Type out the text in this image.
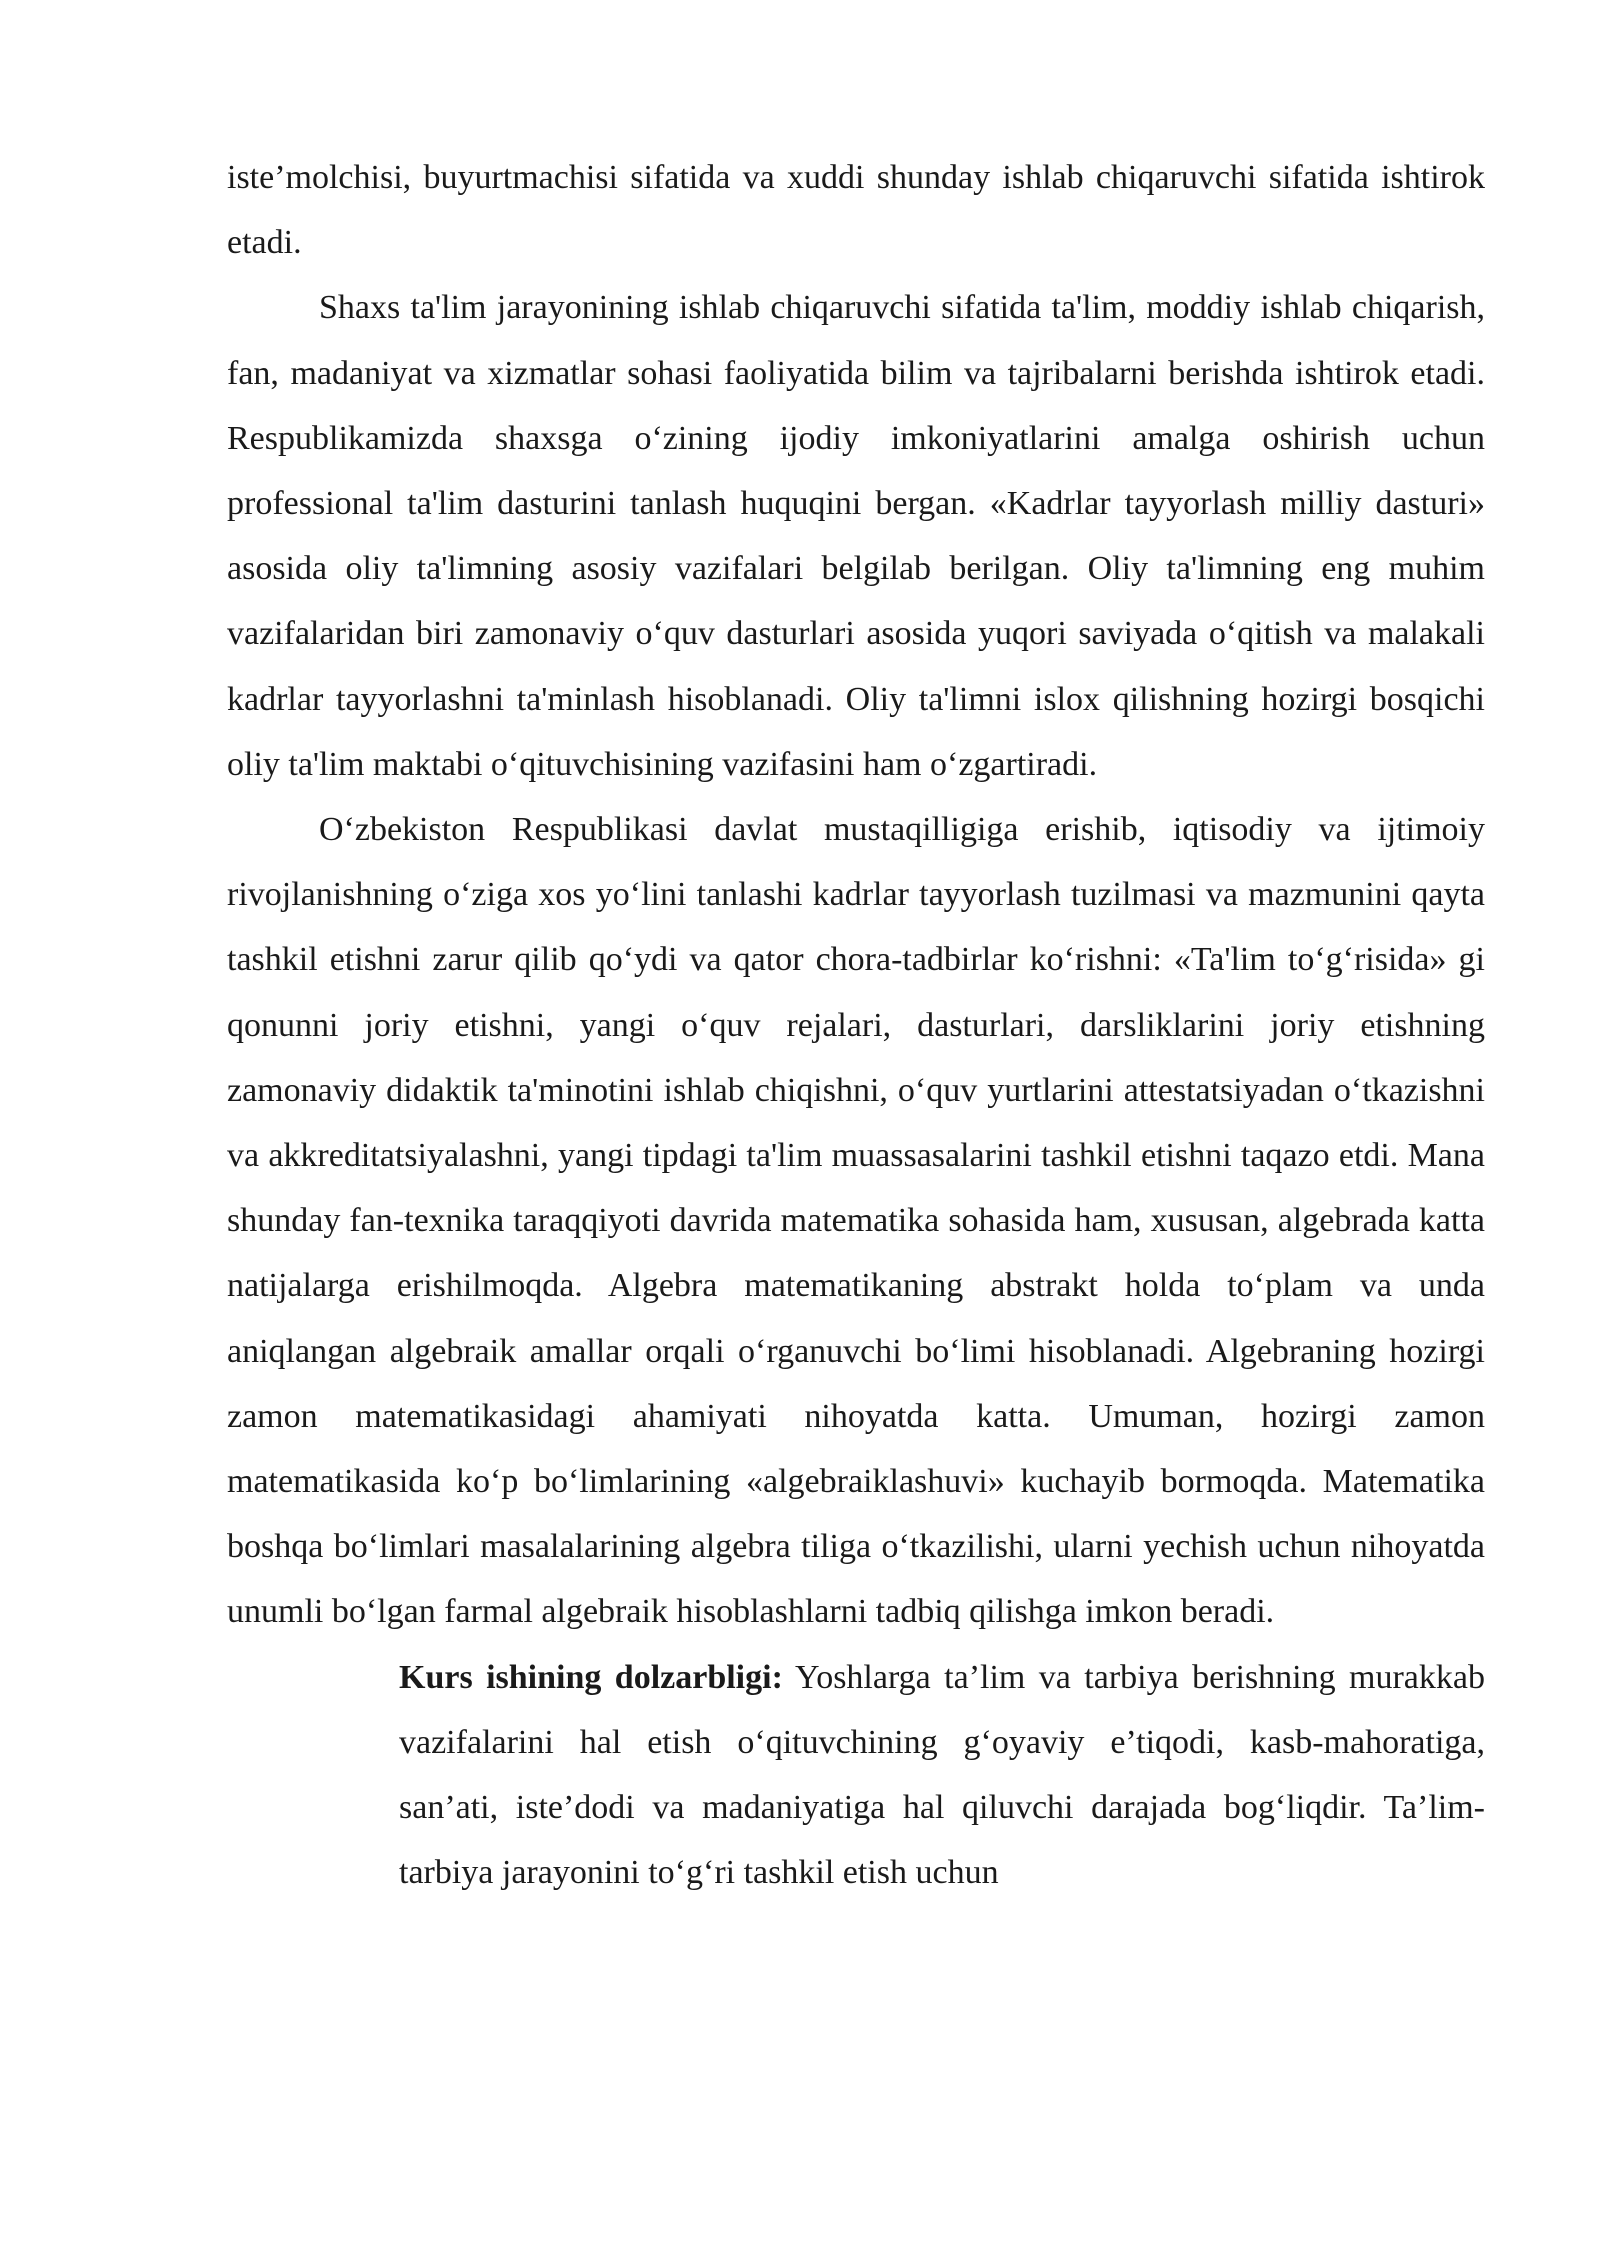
iste’molchisi, buyurtmachisi sifatida va xuddi shunday ishlab chiqaruvchi sifatida ishtirok etadi.

Shaxs ta'lim jarayonining ishlab chiqaruvchi sifatida ta'lim, moddiy ishlab chiqarish, fan, madaniyat va xizmatlar sohasi faoliyatida bilim va tajribalarni berishda ishtirok etadi. Respublikamizda shaxsga o‘zining ijodiy imkoniyatlarini amalga oshirish uchun professional ta'lim dasturini tanlash huquqini bergan. «Kadrlar tayyorlash milliy dasturi» asosida oliy ta'limning asosiy vazifalari belgilab berilgan. Oliy ta'limning eng muhim vazifalaridan biri zamonaviy o‘quv dasturlari asosida yuqori saviyada o‘qitish va malakali kadrlar tayyorlashni ta'minlash hisoblanadi. Oliy ta'limni islox qilishning hozirgi bosqichi oliy ta'lim maktabi o‘qituvchisining vazifasini ham o‘zgartiradi.

O‘zbekiston Respublikasi davlat mustaqilligiga erishib, iqtisodiy va ijtimoiy rivojlanishning o‘ziga xos yo‘lini tanlashi kadrlar tayyorlash tuzilmasi va mazmunini qayta tashkil etishni zarur qilib qo‘ydi va qator chora-tadbirlar ko‘rishni: «Ta'lim to‘g‘risida» gi qonunni joriy etishni, yangi o‘quv rejalari, dasturlari, darsliklarini joriy etishning zamonaviy didaktik ta'minotini ishlab chiqishni, o‘quv yurtlarini attestatsiyadan o‘tkazishni va akkreditatsiyalashni, yangi tipdagi ta'lim muassasalarini tashkil etishni taqazo etdi. Mana shunday fan-texnika taraqqiyoti davrida matematika sohasida ham, xususan, algebrada katta natijalarga erishilmoqda. Algebra matematikaning abstrakt holda to‘plam va unda aniqlangan algebraik amallar orqali o‘rganuvchi bo‘limi hisoblanadi. Algebraning hozirgi zamon matematikasidagi ahamiyati nihoyatda katta. Umuman, hozirgi zamon matematikasida ko‘p bo‘limlarining «algebraiklashuvi» kuchayib bormoqda. Matematika boshqa bo‘limlari masalalarining algebra tiliga o‘tkazilishi, ularni yechish uchun nihoyatda unumli bo‘lgan farmal algebraik hisoblashlarni tadbiq qilishga imkon beradi.

Kurs ishining dolzarbligi: Yoshlarga ta’lim va tarbiya berishning murakkab vazifalarini hal etish o‘qituvchining g‘oyaviy e’tiqodi, kasb-mahoratiga, san’ati, iste’dodi va madaniyatiga hal qiluvchi darajada bog‘liqdir. Ta’lim-tarbiya jarayonini to‘g‘ri tashkil etish uchun
